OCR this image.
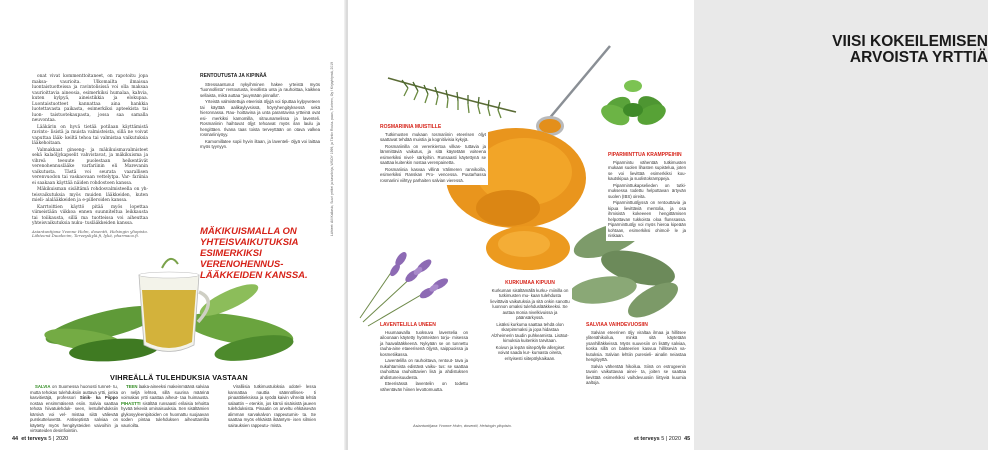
onat vivat kommenttoitaneet, on rapotoitu jopa maksa- vaurioita. Ulkomailta ilmaisua luontaistuotteissa ja ravintolisissä voi olla maksaa vaurioittavia aineosia, esimerkiksi humalaa, kahvia, kuten kylpyä, aineistikkia ja elokupaa. Luontaistuotteet kannattaa aina hankkia luotettavasta paikasta, esimerkiksi apteekista tai luon- taistuotekaupasta, jossa saa samalla neuvontaa.

Lääkärin on hyvä tietää potilaan käyttämistä ravinto- lisistä ja muista valmisteista, sillä ne voivat vaputtaa lääk- keiltä tehoa tai valmistaa vaikutuksia lääkehoitaan.

Valmakkaat ginseng- ja mäkikuismavalmisteet sekä kalaöljykapselit vahvistavat, ja mäkikuisma ja vihreä teeuute puolestaan heikentävät verenohennuslääke varfariinin eli Marevanin vaikutusta. Tästä voi seurata vaarallisen verenvuodon tai vaskaovaan vettelytpa. Var- fariinia ei saakaan käyttää näiden rohdostoen kanssa.

Mäkikuisman sisältämä rohdosvalmisteella on yh- teisvaikutuksia myös muiden lääkkeiden, kuten mieli- alalääkkeiden ja e-pilleroiden kanssa.

Karrtoittien käyttö pitää myös lopettaa viimeistään viikkoa ennen suunniteltua leikkausta tai toiikausta, sillä ma tuotteissa voi aiheuttaa yhteisvaikutuksia nuku- tuslääkkeiden kanssa.

Asiantuntijana Yvonne Holm, dosentti, Helsingin yliopisto. Lähteenä Duodecim, Terveyskylä.fi, lykä, pharmaca.fi.
RENTOUTUSTA JA KIPINÄÄ

Stressaantunut nykyihminen hakee yrteistä myös "luonnollista" rentoutusta, levollista unta ja rauhoittaa, kaikkea sellaista, mikä auttaa "juuymään pinnalla".

Yrteistä valmistettuja eteerisiä öljyjä voi tiputtaa kylpyveteen tai käyttää aalikaylyvsissä, höyryhengityksessä sekä hieronnassa. Rau- hoittavina ja unta parantavina yrtteinä ovat esi- merkiksi kamomilla, sitruunamelissa ja laventeli. Rosmariinin haihtuvat öljyt tehoavat myös ilan laulu ja hengittäen. Ilvana taas toista terveyttään on otava valkea rosmariiniyöyy.

Kamomillatee sopii hyvin iltaan, ja laventeli- öljyä voi laittaa myös tyynyyn.

MÄKIKUISMALLA ON YHTEISVAIKUTUKSIA ESIMERKIKSI VERENOHENNUS- LÄÄKKEIDEN KANSSA.
VIHREÄLLÄ TULEHDUKSIA VASTAAN

SALVIA on Suomessa huonosti tunnet- tu, mutta tehokas tulehduksiin auttava yrtti, jonka kasvitietäjä, professori Sinik- ka Piippo nostaa ensimmäisenä esiin. Salvia saattaa tehota hiivatulehduk- seen, lentullehduksiin kärsivä voi vel- mistaa siitä välievää purskutteluvettä. Antiseptistä salviaa on käytetty myös hengitysteiden vaivoihin ja virtsateiden desinfiointiin.

TEEN laaka-aineeksi makeinmäänä salviaa on neljä lehteä, sillä suurina määrinä voimakas yrtti saattaa aiheut- taa huimausta. PIHASTTI sisältää runsaasti erilaisia tehoitta hyvää tekeviä ominaisuuksia. Sen sisältämien glykosyyleenipitoiden on huomattu suojaavan soden pintaa tulehduksen aiheuttamilta vaurioilta.

Viralliisia tutkimustuloksia odotel- lessa kannattaa nauttia säännöllises- ti pinaattitieksissa ja syödä kaivin vihreitä lehtiä salaattin – etenkin, jos kärsii sisäisistä jaueen tulehduksista. Pinaatin on arveltu ehkäisevän alimman sarvakalvon rappeutumis- ta. Se saattaa myös ehkäistä ikääntym- isen silmien sairauksien rappeutu- mista.

Lähteet: Aili Kallasio, Suuri yrttitei ja kasvikirja, WSOY 1999, ja Tärkin Routa- paan, Tunteen, Oy / Kirjayhtymä, 2019
44 et terveys 5 | 2020
VIISI KOKEILEMISEN ARVOISTA YRTTIÄ
ROSMARIINIA MUISTILLE

Tutkimusten mukaan rosmariinin eteerisen öljyt saattavat tehdää muistia ja kognitiivisia kykyjä.

Rosmariinilla on verenkiertoa vilkas- tuttavia ja lämmittäviä vaikutus, ja sitä käytetään voiteena esimerkiksi nivel- särkyihin. Runsaasti käytettynä se saattaa kuitenkin nostaa verenpainetta.

Rosmariinia kasvaa villinä Välimeren rannikoilla, esimerkiksi Ranskan Pro- vencessa. Puutarhassa rosmariini viihtyy parhaiten salvian vieressä.

PIPARMINTTUA KRAMPPEIHIN

Piparmintu vähentää tutkimusten mukaan suolen lihasten supistelua, joten se voi lievittää esimerkiksi kou- kautskipua ja suolistokramppeja.

Piparminttukapselieden on tutki- muksessa todettu helpottavan ärtyvän suolen (IBS) oireita.

Piparminttuöljyssä on rentouttavia ja kipua lievittäviä mentolia, ja osa ihmisistä kokeeeen hengittämisen helpottavan tukkoista oloa flunssassa. Piparminttuöljy voi myös hieroa kipeään kohtaan, esimerkiksi ohimoil- le ja niskaan.

KURKUMAA KIPUUN

Kurkuman sisältämällä kurku- miinilla on tutkimusten mu- kaan tulehdusta lievittäviä vaikutuksia ja sitä onkin sanottu luonnon omaksi tulehduslääkkeeksi. Se auttaa monia nivelkivuissa ja päänsärkyssä.

Lisäksi kurkuma saattaa tehdä olon skarpimmaksi ja jopa hidastaa Alzheimerin taudin puhkeamista. Lisätut- kimuksia kuitenkin tarvitaan.

Koivun ja lepän siitepölylle allergiset voivat saada kur- kumasta oireita, erityisesti siitepölykaikaan.

LAVENTELILLA UNEEN

Huumaavalla tuoksuva laventelia on ailoonaan käytetty hyönteisten torju- misessa ja haavalääkkeenä. Nykyään se on tunnettu rauha-aine etaeerisenä öljynä, saippuoissa ja kosmetiikassa.

Laventelilla on rauhoittava, rentout- tava ja nukahtamista edistävä vaiku- tus: se saattaa rauhoittaa rauhoittavien lisä ja ahdistuksen ahdistuneisuudesta.

Eteerisässä laventelin on todettu vähentävän hiinen levottomuutta.

SALVIAA VAIHDEVUOSIIN

Salvian eteerinen öljy viraltaa ilmaa ja hillitsee ylitenähikoilua, minkä sitä käytetään ysanhilläkkeissä. Myös suuvesiin on lisätty salviaa, koska sillä on bakteerien kasvua hillitseviä va- kutuksia. Salvian lehtiin puresieli- ainalin neiastaa hengityyttä.

Salvia vähentää hikoilua. Siinä on estrogeenin tavoin vaikuttavaa ainei- ta, joiten se saattaa lievittää esimerkiksi vaihdevuosiin liittyviä kuumia aaltoja.

et terveys 5 | 2020 45
Asiantuntijana Yvonne Holm, dosentti, Helsingin yliopisto.
